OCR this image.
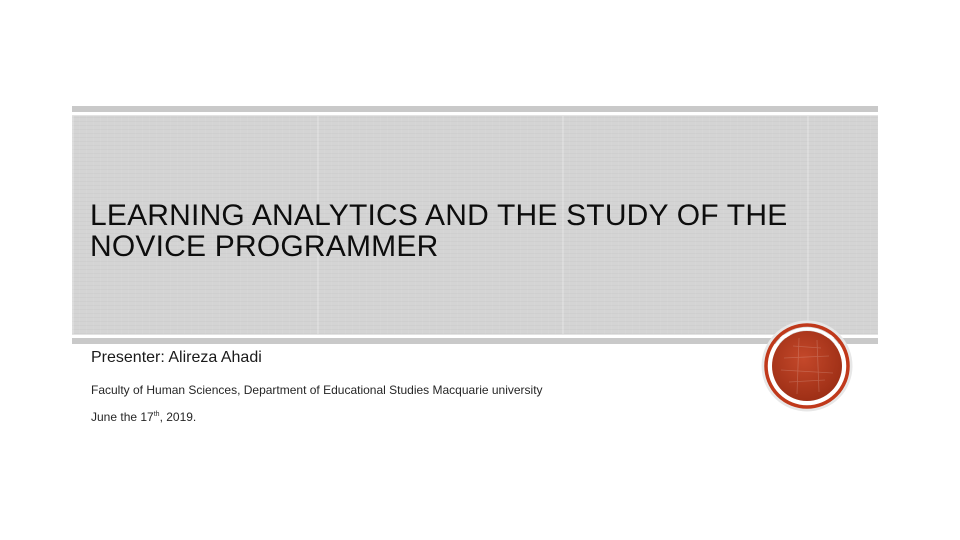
LEARNING ANALYTICS AND THE STUDY OF THE NOVICE PROGRAMMER
Presenter: Alireza Ahadi
Faculty of Human Sciences, Department of Educational Studies Macquarie university
June the 17th, 2019.
